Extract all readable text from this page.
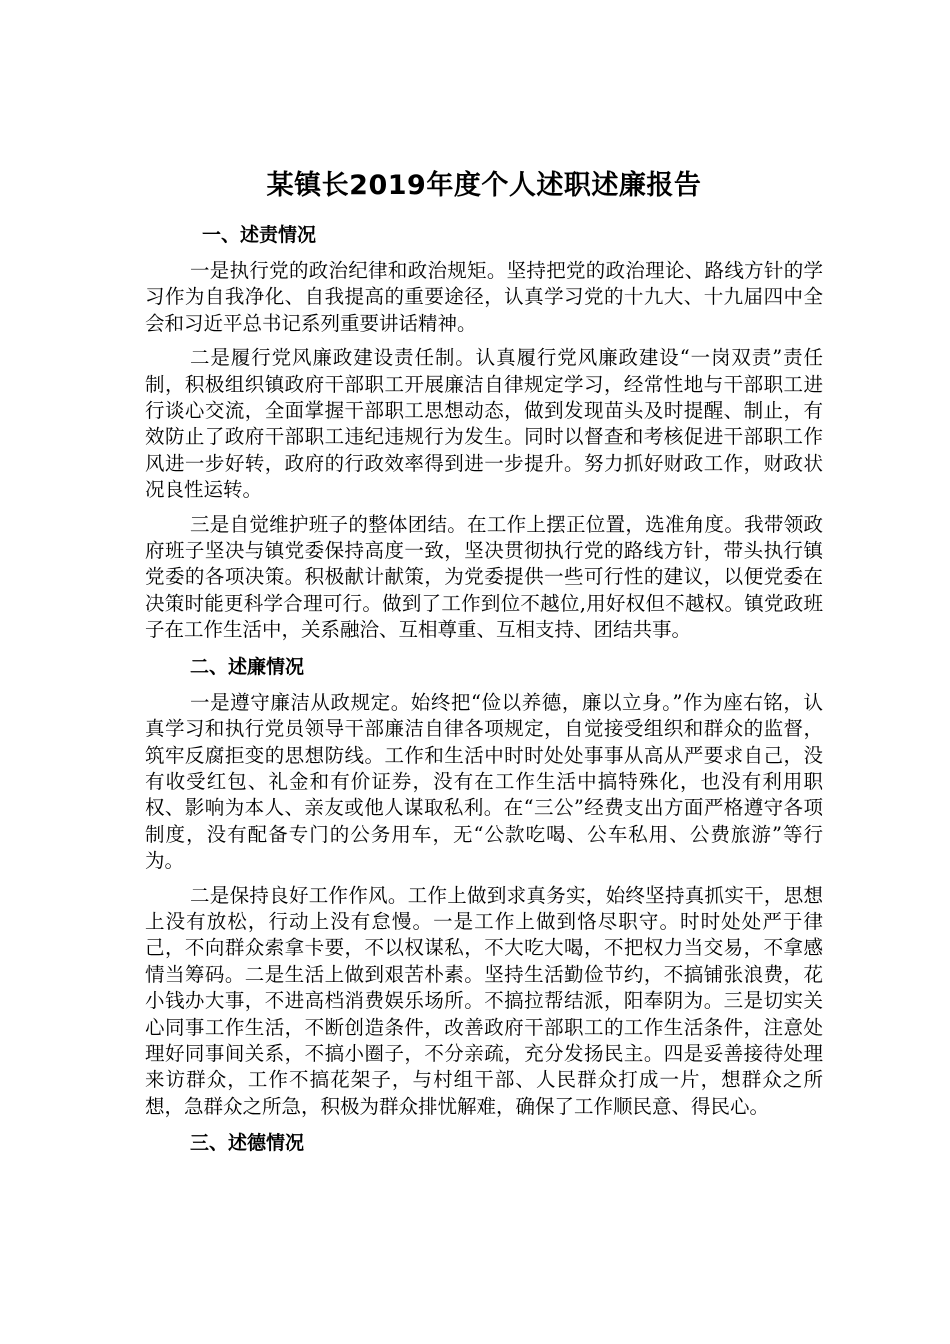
某镇长2019年度个人述职述廉报告
一、述责情况

一是执行党的政治纪律和政治规矩。坚持把党的政治理论、路线方针的学习作为自我净化、自我提高的重要途径，认真学习党的十九大、十九届四中全会和习近平总书记系列重要讲话精神。

二是履行党风廉政建设责任制。认真履行党风廉政建设“一岗双责”责任制，积极组织镇政府干部职工开展廉洁自律规定学习，经常性地与干部职工进行谈心交流，全面掌握干部职工思想动态，做到发现苗头及时提醒、制止，有效防止了政府干部职工违纪违规行为发生。同时以督查和考核促进干部职工作风进一步好转，政府的行政效率得到进一步提升。努力抓好财政工作，财政状况良性运转。

三是自觉维护班子的整体团结。在工作上摆正位置，选准角度。我带领政府班子坚决与镇党委保持高度一致，坚决贯彻执行党的路线方针，带头执行镇党委的各项决策。积极献计献策，为党委提供一些可行性的建议，以便党委在决策时能更科学合理可行。做到了工作到位不越位,用好权但不越权。镇党政班子在工作生活中，关系融洽、互相尊重、互相支持、团结共事。

二、述廉情况

一是遵守廉洁从政规定。始终把“俭以养德，廉以立身。”作为座右铭，认真学习和执行党员领导干部廉洁自律各项规定，自觉接受组织和群众的监督，筑牢反腐拒变的思想防线。工作和生活中时时处处事事从高从严要求自己，没有收受红包、礼金和有价证券，没有在工作生活中搞特殊化，也没有利用职权、影响为本人、亲友或他人谋取私利。在“三公”经费支出方面严格遵守各项制度，没有配备专门的公务用车，无“公款吃喝、公车私用、公费旅游”等行为。

二是保持良好工作作风。工作上做到求真务实，始终坚持真抓实干，思想上没有放松，行动上没有怠慢。一是工作上做到恪尽职守。时时处处严于律己，不向群众索拿卡要，不以权谋私，不大吃大喝，不把权力当交易，不拿感情当筹码。二是生活上做到艰苦朴素。坚持生活勤俭节约，不搞铺张浪费，花小钱办大事，不进高档消费娱乐场所。不搞拉帮结派，阳奉阴为。三是切实关心同事工作生活，不断创造条件，改善政府干部职工的工作生活条件，注意处理好同事间关系，不搞小圈子，不分亲疏，充分发扬民主。四是妥善接待处理来访群众，工作不搞花架子，与村组干部、人民群众打成一片，想群众之所想，急群众之所急，积极为群众排忧解难，确保了工作顺民意、得民心。

三、述德情况
